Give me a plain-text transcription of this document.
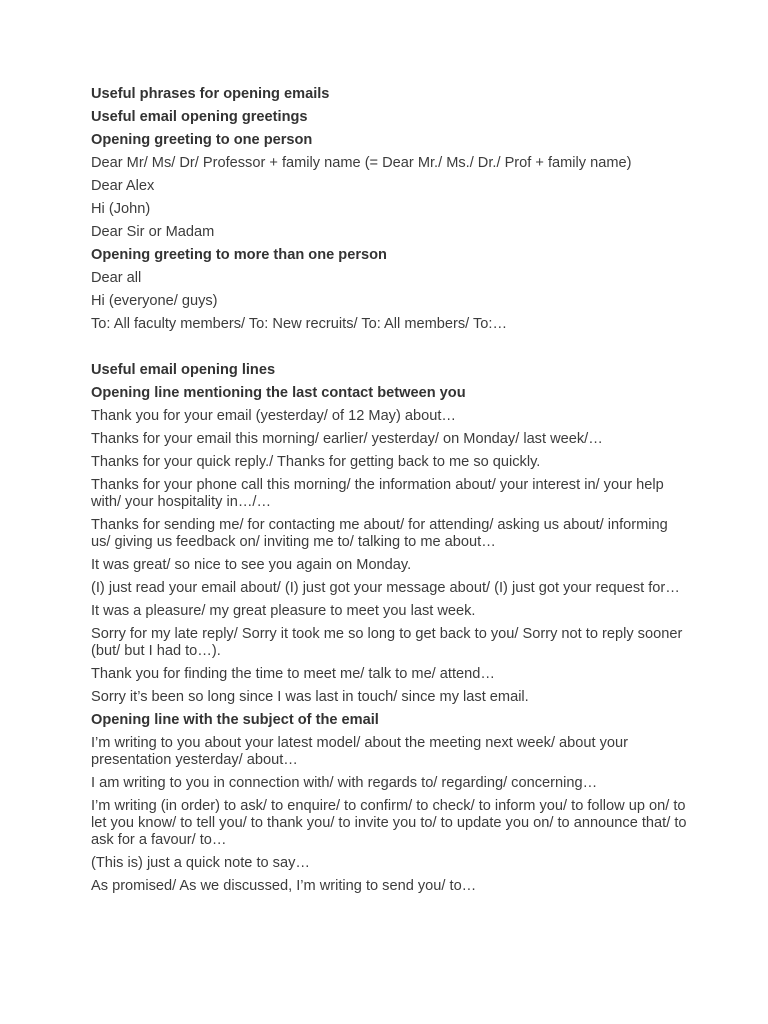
Useful phrases for opening emails
Useful email opening greetings
Opening greeting to one person
Dear Mr/ Ms/ Dr/ Professor + family name (= Dear Mr./ Ms./ Dr./ Prof + family name)
Dear Alex
Hi (John)
Dear Sir or Madam
Opening greeting to more than one person
Dear all
Hi (everyone/ guys)
To: All faculty members/ To: New recruits/ To: All members/ To:…
Useful email opening lines
Opening line mentioning the last contact between you
Thank you for your email (yesterday/ of 12 May) about…
Thanks for your email this morning/ earlier/ yesterday/ on Monday/ last week/…
Thanks for your quick reply./ Thanks for getting back to me so quickly.
Thanks for your phone call this morning/ the information about/ your interest in/ your help with/ your hospitality in…/…
Thanks for sending me/ for contacting me about/ for attending/ asking us about/ informing us/ giving us feedback on/ inviting me to/ talking to me about…
It was great/ so nice to see you again on Monday.
(I) just read your email about/ (I) just got your message about/ (I) just got your request for…
It was a pleasure/ my great pleasure to meet you last week.
Sorry for my late reply/ Sorry it took me so long to get back to you/ Sorry not to reply sooner (but/ but I had to…).
Thank you for finding the time to meet me/ talk to me/ attend…
Sorry it’s been so long since I was last in touch/ since my last email.
Opening line with the subject of the email
I’m writing to you about your latest model/ about the meeting next week/ about your presentation yesterday/ about…
I am writing to you in connection with/ with regards to/ regarding/ concerning…
I’m writing (in order) to ask/ to enquire/ to confirm/ to check/ to inform you/ to follow up on/ to let you know/ to tell you/ to thank you/ to invite you to/ to update you on/ to announce that/ to ask for a favour/ to…
(This is) just a quick note to say…
As promised/ As we discussed, I’m writing to send you/ to…
